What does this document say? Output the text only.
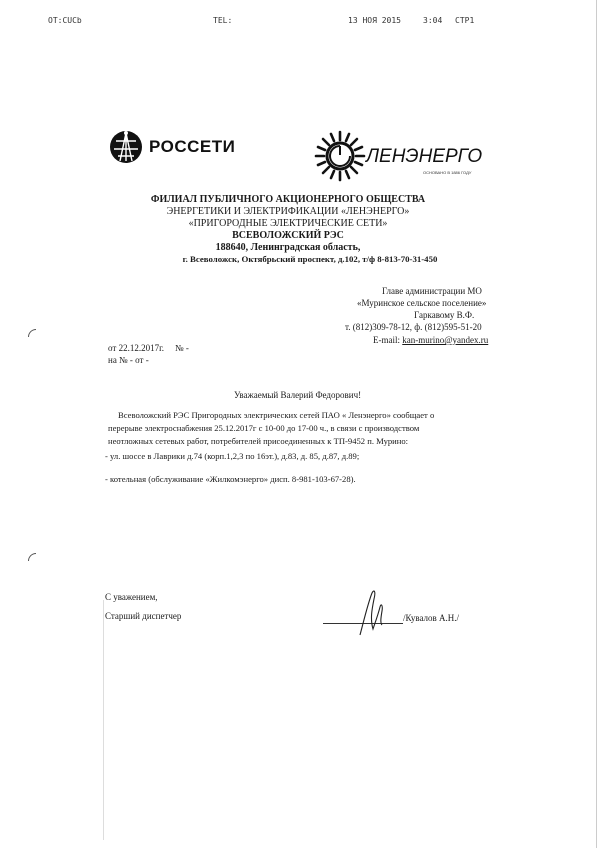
OT:CUCb	TEL:	13 НОЯ 2015	3:04 СТР1
РОССЕТИ	ЛЕНЭНЕРГО
ОСНОВАНО В 1886 ГОДУ
ФИЛИАЛ ПУБЛИЧНОГО АКЦИОНЕРНОГО ОБЩЕСТВА
ЭНЕРГЕТИКИ И ЭЛЕКТРИФИКАЦИИ «ЛЕНЭНЕРГО»
«ПРИГОРОДНЫЕ ЭЛЕКТРИЧЕСКИЕ СЕТИ»
ВСЕВОЛОЖСКИЙ РЭС
188640, Ленинградская область,
г. Всеволожск, Октябрьский проспект, д.102, т/ф 8-813-70-31-450
Главе администрации МО
«Муринское сельское поселение»
Гаркавому В.Ф.
т. (812)309-78-12, ф. (812)595-51-20
E-mail: kan-murino@yandex.ru
от 22.12.2017г. № -
на № - от -
Уважаемый Валерий Федорович!
Всеволожский РЭС Пригородных электрических сетей ПАО « Ленэнерго» сообщает о
перерыве электроснабжения 25.12.2017г с 10-00 до 17-00 ч., в связи с производством
неотложных сетевых работ, потребителей присоединенных к ТП-9452 п. Мурино:
- ул. шоссе в Лаврики д.74 (корп.1,2,3 по 16эт.), д.83, д. 85, д.87, д.89;
- котельная (обслуживание «Жилкомэнерго» дисп. 8-981-103-67-28).
С уважением,
Старший диспетчер	/Кувалов А.Н./
